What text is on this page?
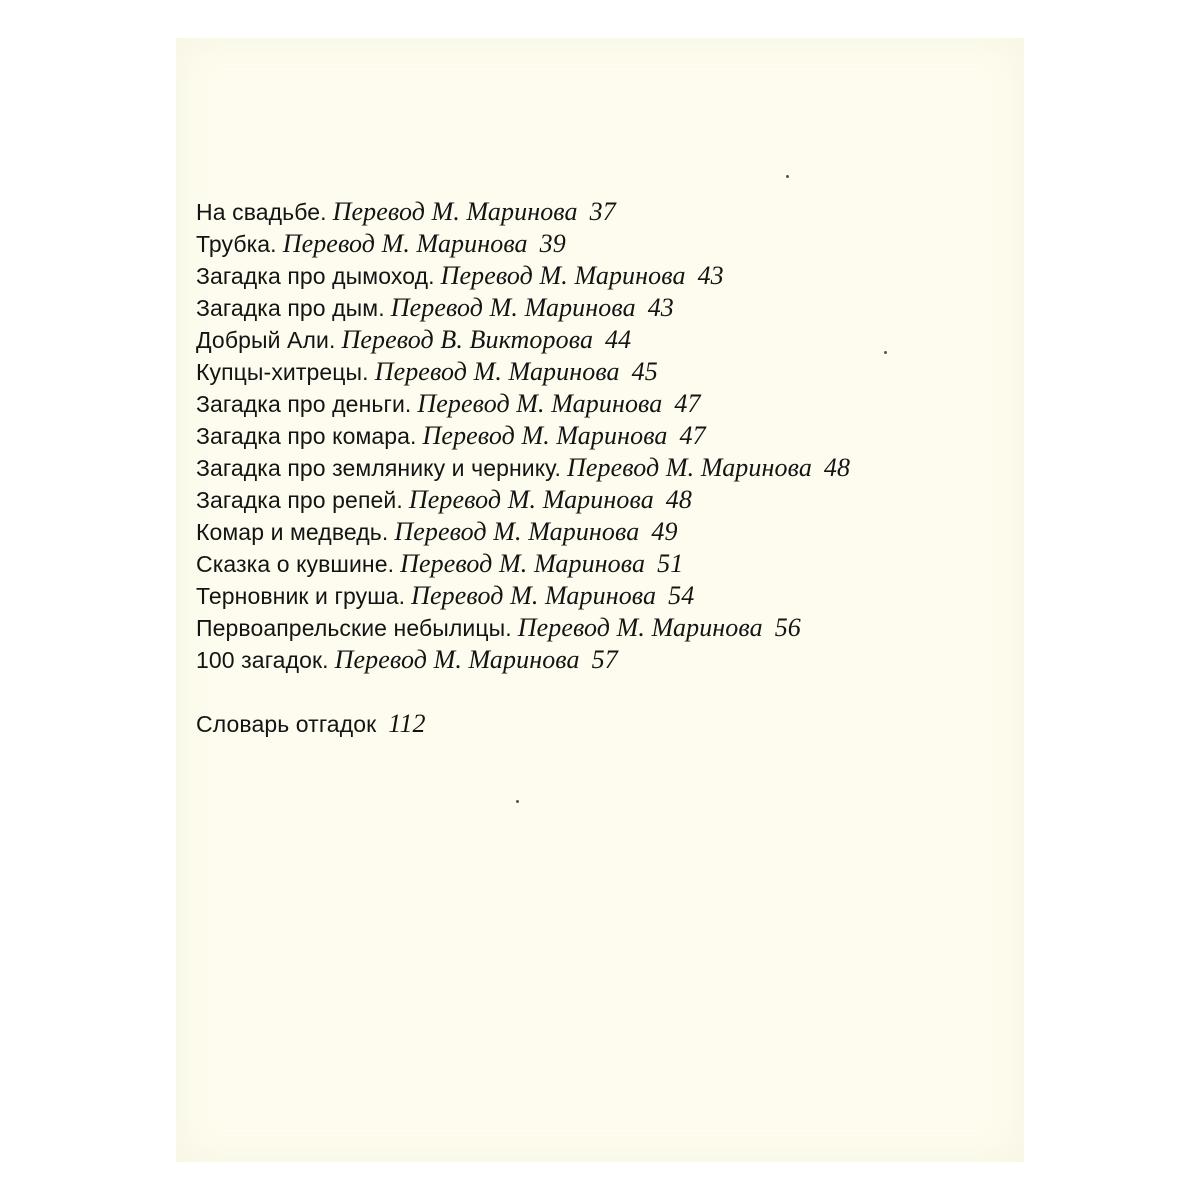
На свадьбе. Перевод М. Маринова 37
Трубка. Перевод М. Маринова 39
Загадка про дымоход. Перевод М. Маринова 43
Загадка про дым. Перевод М. Маринова 43
Добрый Али. Перевод В. Викторова 44
Купцы-хитрецы. Перевод М. Маринова 45
Загадка про деньги. Перевод М. Маринова 47
Загадка про комара. Перевод М. Маринова 47
Загадка про землянику и чернику. Перевод М. Маринова 48
Загадка про репей. Перевод М. Маринова 48
Комар и медведь. Перевод М. Маринова 49
Сказка о кувшине. Перевод М. Маринова 51
Терновник и груша. Перевод М. Маринова 54
Первоапрельские небылицы. Перевод М. Маринова 56
100 загадок. Перевод М. Маринова 57
Словарь отгадок 112
